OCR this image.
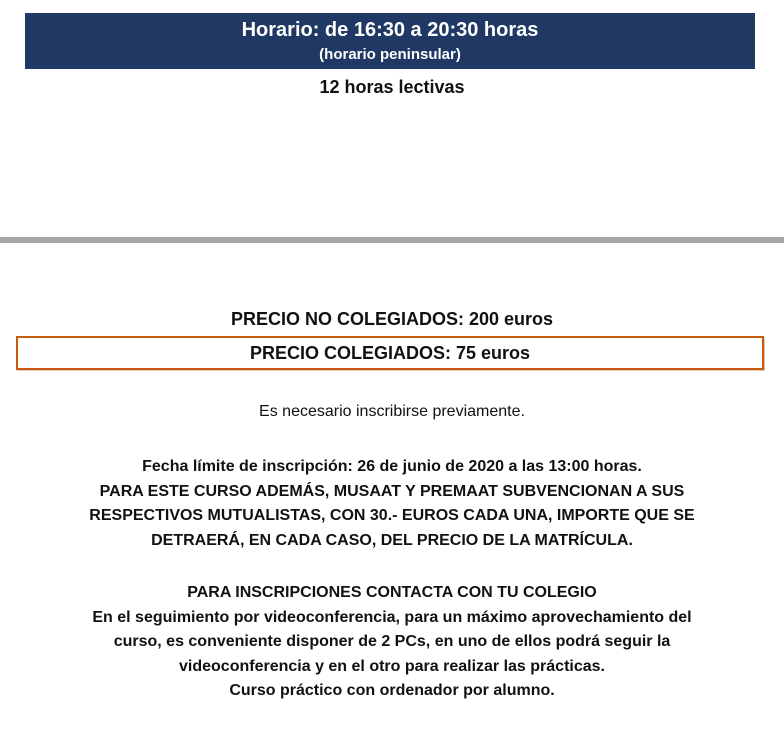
Horario: de 16:30 a 20:30 horas
(horario peninsular)
12 horas lectivas
PRECIO NO COLEGIADOS: 200 euros
PRECIO COLEGIADOS: 75 euros
Es necesario inscribirse previamente.
Fecha límite de inscripción: 26 de junio de 2020 a las 13:00 horas.
PARA ESTE CURSO ADEMÁS, MUSAAT Y PREMAAT SUBVENCIONAN A SUS
RESPECTIVOS MUTUALISTAS, CON 30.- EUROS CADA UNA, IMPORTE QUE SE
DETRAERÁ, EN CADA CASO, DEL PRECIO DE LA MATRÍCULA.
PARA INSCRIPCIONES CONTACTA CON TU COLEGIO
En el seguimiento por videoconferencia, para un máximo aprovechamiento del
curso, es conveniente disponer de 2 PCs, en uno de ellos podrá seguir la
videoconferencia y en el otro para realizar las prácticas.
Curso práctico con ordenador por alumno.
